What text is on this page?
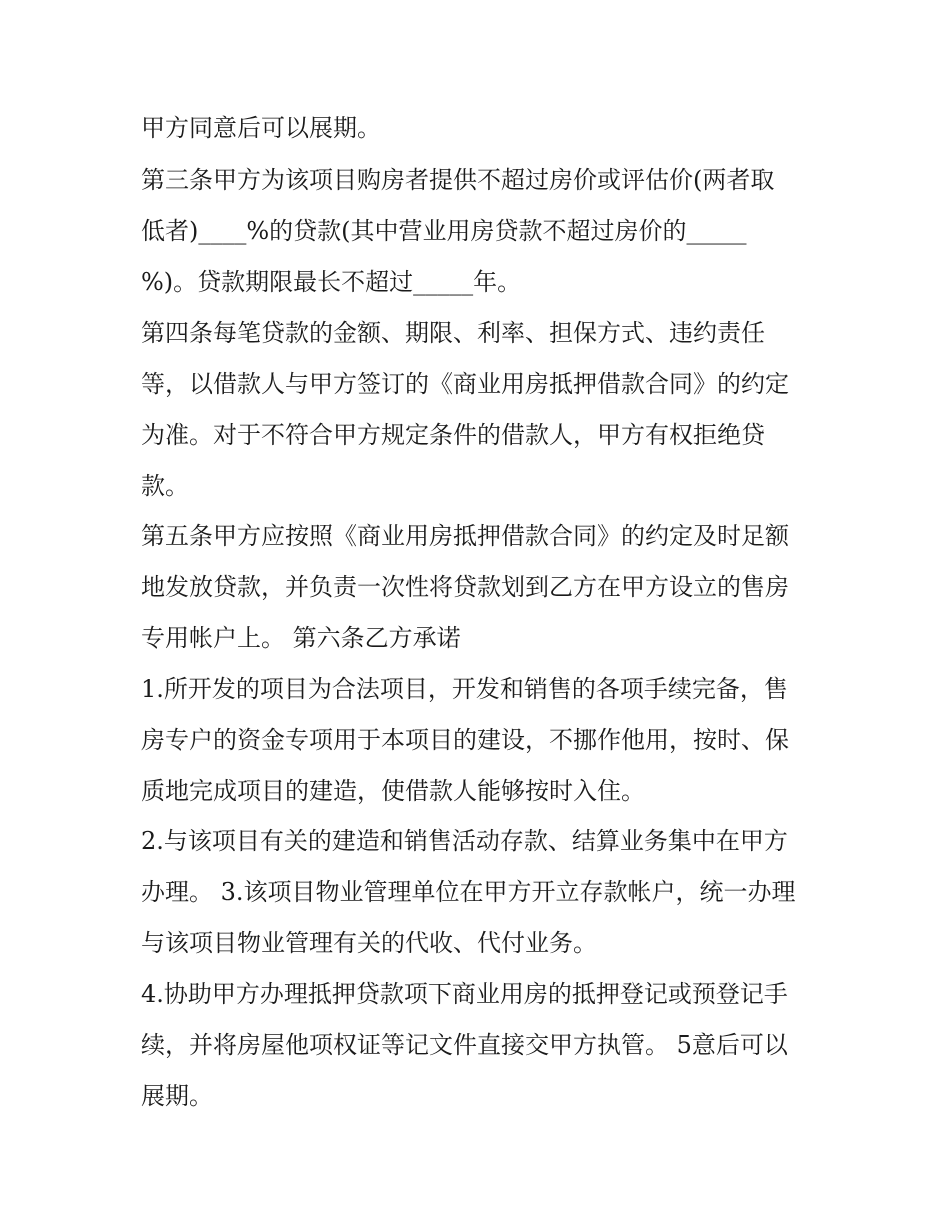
甲方同意后可以展期。
第三条甲方为该项目购房者提供不超过房价或评估价(两者取
低者)____%的贷款(其中营业用房贷款不超过房价的_____
%)。贷款期限最长不超过_____年。
第四条每笔贷款的金额、期限、利率、担保方式、违约责任
等，以借款人与甲方签订的《商业用房抵押借款合同》的约定
为准。对于不符合甲方规定条件的借款人，甲方有权拒绝贷
款。
第五条甲方应按照《商业用房抵押借款合同》的约定及时足额
地发放贷款，并负责一次性将贷款划到乙方在甲方设立的售房
专用帐户上。 第六条乙方承诺
1.所开发的项目为合法项目，开发和销售的各项手续完备，售
房专户的资金专项用于本项目的建设，不挪作他用，按时、保
质地完成项目的建造，使借款人能够按时入住。
2.与该项目有关的建造和销售活动存款、结算业务集中在甲方
办理。 3.该项目物业管理单位在甲方开立存款帐户，统一办理
与该项目物业管理有关的代收、代付业务。
4.协助甲方办理抵押贷款项下商业用房的抵押登记或预登记手
续，并将房屋他项权证等记文件直接交甲方执管。 5意后可以
展期。
